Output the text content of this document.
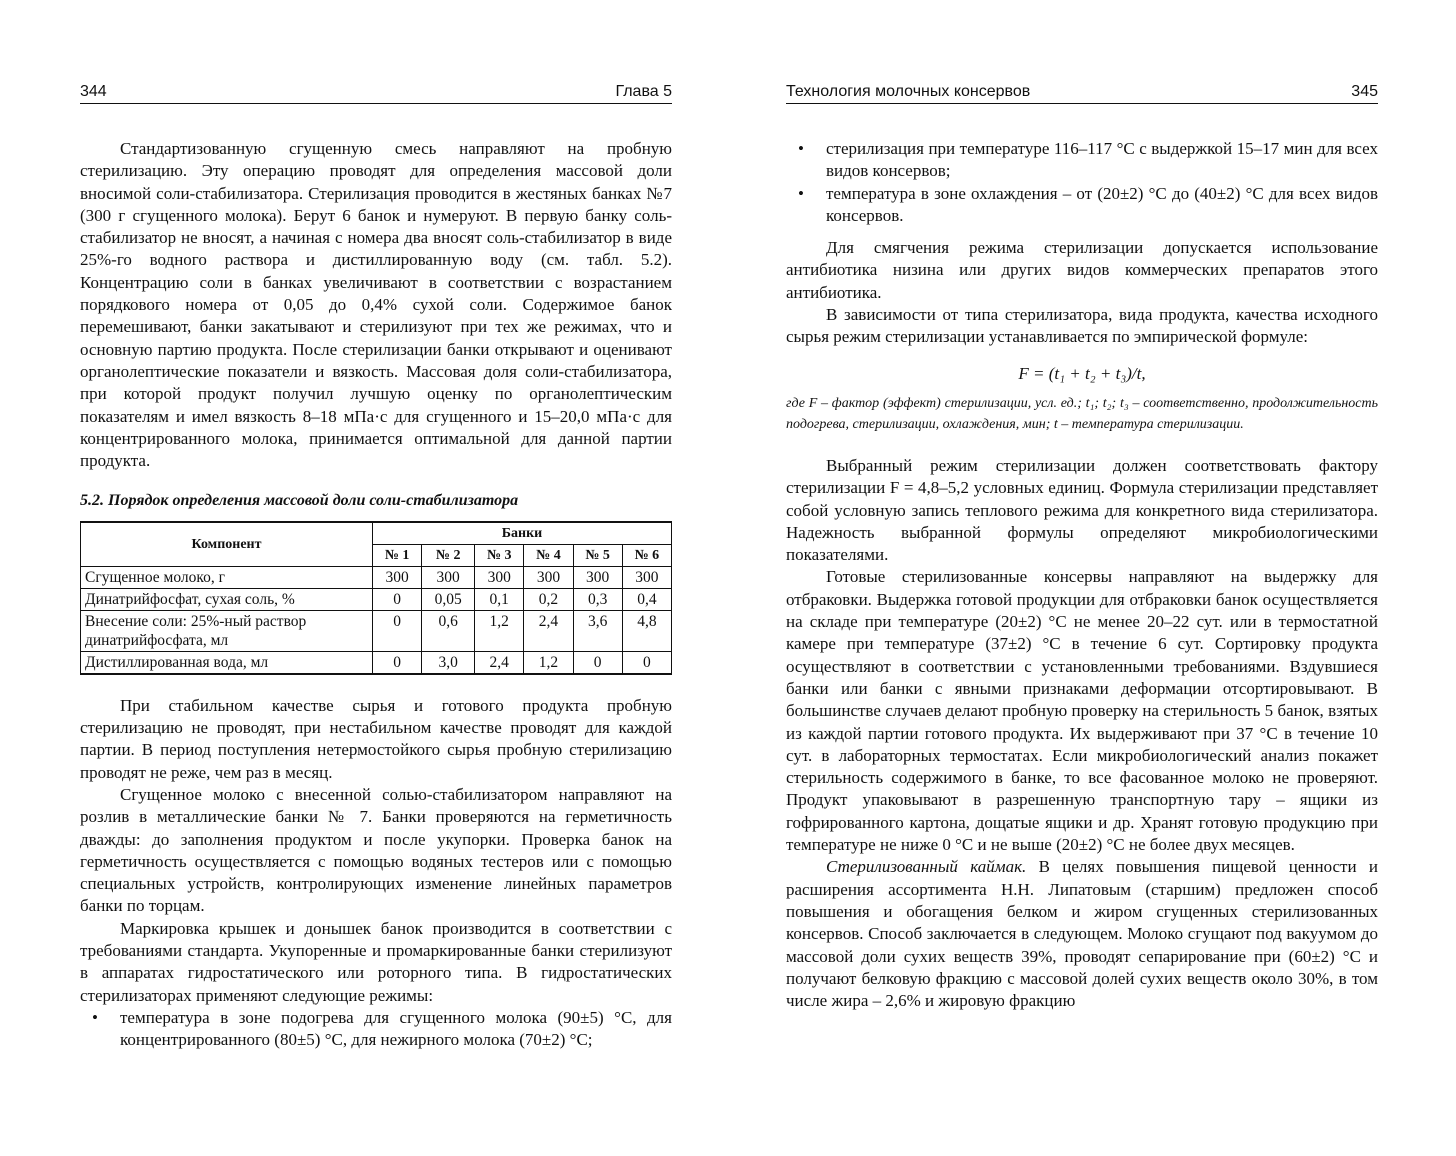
344	Глава 5

Стандартизованную сгущенную смесь направляют на пробную стерилизацию. Эту операцию проводят для определения массовой доли вносимой соли-стабилизатора. Стерилизация проводится в жестяных банках №7 (300 г сгущенного молока). Берут 6 банок и нумеруют. В первую банку соль-стабилизатор не вносят, а начиная с номера два вносят соль-стабилизатор в виде 25%-го водного раствора и дистиллированную воду (см. табл. 5.2). Концентрацию соли в банках увеличивают в соответствии с возрастанием порядкового номера от 0,05 до 0,4% сухой соли. Содержимое банок перемешивают, банки закатывают и стерилизуют при тех же режимах, что и основную партию продукта. После стерилизации банки открывают и оценивают органолептические показатели и вязкость. Массовая доля соли-стабилизатора, при которой продукт получил лучшую оценку по органолептическим показателям и имел вязкость 8–18 мПа·с для сгущенного и 15–20,0 мПа·с для концентрированного молока, принимается оптимальной для данной партии продукта.

5.2. Порядок определения массовой доли соли-стабилизатора
Компонент	Банки					
	№ 1	№ 2	№ 3	№ 4	№ 5	№ 6
Сгущенное молоко, г	300	300	300	300	300	300
Динатрийфосфат, сухая соль, %	0	0,05	0,1	0,2	0,3	0,4
Внесение соли: 25%-ный раствор динатрийфосфата, мл	0	0,6	1,2	2,4	3,6	4,8
Дистиллированная вода, мл	0	3,0	2,4	1,2	0	0

При стабильном качестве сырья и готового продукта пробную стерилизацию не проводят, при нестабильном качестве проводят для каждой партии. В период поступления нетермостойкого сырья пробную стерилизацию проводят не реже, чем раз в месяц.

Сгущенное молоко с внесенной солью-стабилизатором направляют на розлив в металлические банки № 7. Банки проверяются на герметичность дважды: до заполнения продуктом и после укупорки. Проверка банок на герметичность осуществляется с помощью водяных тестеров или с помощью специальных устройств, контролирующих изменение линейных параметров банки по торцам.

Маркировка крышек и донышек банок производится в соответствии с требованиями стандарта. Укупоренные и промаркированные банки стерилизуют в аппаратах гидростатического или роторного типа. В гидростатических стерилизаторах применяют следующие режимы:

• температура в зоне подогрева для сгущенного молока (90±5) °С, для концентрированного (80±5) °С, для нежирного молока (70±2) °С;
Технология молочных консервов	345
• стерилизация при температуре 116–117 °С с выдержкой 15–17 мин для всех видов консервов;
• температура в зоне охлаждения – от (20±2) °С до (40±2) °С для всех видов консервов.

Для смягчения режима стерилизации допускается использование антибиотика низина или других видов коммерческих препаратов этого антибиотика.

В зависимости от типа стерилизатора, вида продукта, качества исходного сырья режим стерилизации устанавливается по эмпирической формуле:

F = (t₁ + t₂ + t₃)/t,
где F – фактор (эффект) стерилизации, усл. ед.; t₁; t₂; t₃ – соответственно, продолжительность подогрева, стерилизации, охлаждения, мин; t – температура стерилизации.

Выбранный режим стерилизации должен соответствовать фактору стерилизации F = 4,8–5,2 условных единиц. Формула стерилизации представляет собой условную запись теплового режима для конкретного вида стерилизатора. Надежность выбранной формулы определяют микробиологическими показателями.

Готовые стерилизованные консервы направляют на выдержку для отбраковки. Выдержка готовой продукции для отбраковки банок осуществляется на складе при температуре (20±2) °С не менее 20–22 сут. или в термостатной камере при температуре (37±2) °С в течение 6 сут. Сортировку продукта осуществляют в соответствии с установленными требованиями. Вздувшиеся банки или банки с явными признаками деформации отсортировывают. В большинстве случаев делают пробную проверку на стерильность 5 банок, взятых из каждой партии готового продукта. Их выдерживают при 37 °С в течение 10 сут. в лабораторных термостатах. Если микробиологический анализ покажет стерильность содержимого в банке, то все фасованное молоко не проверяют. Продукт упаковывают в разрешенную транспортную тару – ящики из гофрированного картона, дощатые ящики и др. Хранят готовую продукцию при температуре не ниже 0 °С и не выше (20±2) °С не более двух месяцев.

Стерилизованный каймак. В целях повышения пищевой ценности и расширения ассортимента Н.Н. Липатовым (старшим) предложен способ повышения и обогащения белком и жиром сгущенных стерилизованных консервов. Способ заключается в следующем. Молоко сгущают под вакуумом до массовой доли сухих веществ 39%, проводят сепарирование при (60±2) °С и получают белковую фракцию с массовой долей сухих веществ около 30%, в том числе жира – 2,6% и жировую фракцию
